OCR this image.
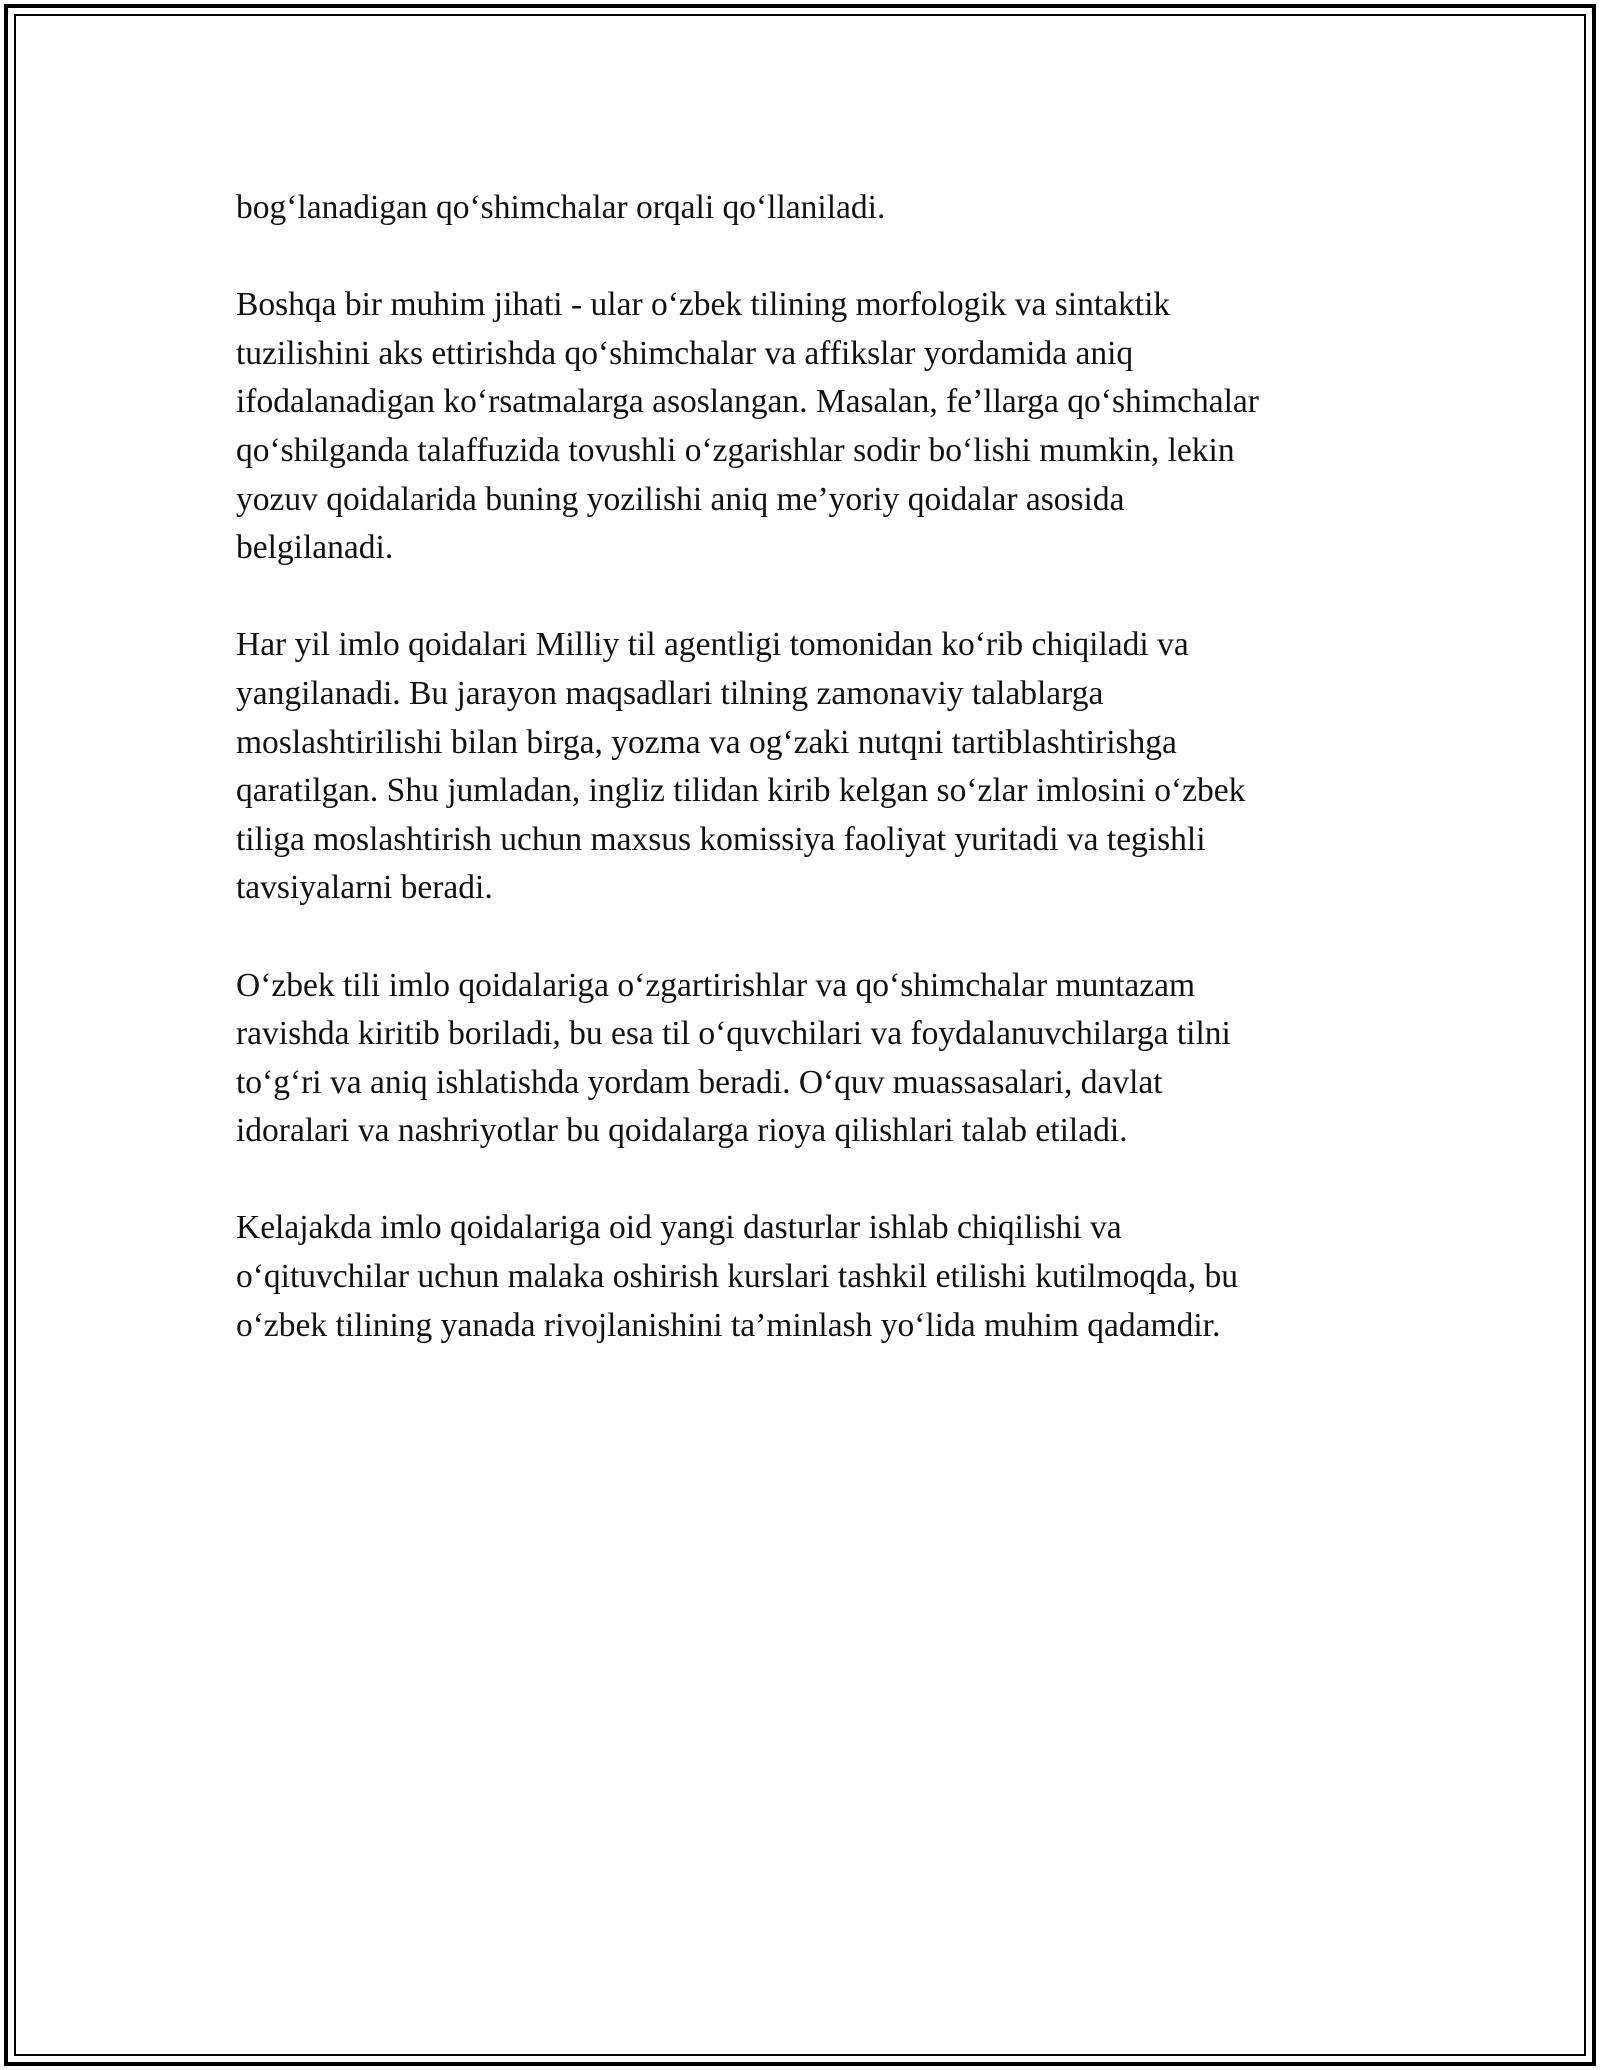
bog‘lanadigan qo‘shimchalar orqali qo‘llaniladi.

Boshqa bir muhim jihati - ular o‘zbek tilining morfologik va sintaktik
tuzilishini aks ettirishda qo‘shimchalar va affikslar yordamida aniq
ifodalanadigan ko‘rsatmalarga asoslangan. Masalan, fe’llarga qo‘shimchalar
qo‘shilganda talaffuzida tovushli o‘zgarishlar sodir bo‘lishi mumkin, lekin
yozuv qoidalarida buning yozilishi aniq me’yoriy qoidalar asosida
belgilanadi.

Har yil imlo qoidalari Milliy til agentligi tomonidan ko‘rib chiqiladi va
yangilanadi. Bu jarayon maqsadlari tilning zamonaviy talablarga
moslashtirilishi bilan birga, yozma va og‘zaki nutqni tartiblashtirishga
qaratilgan. Shu jumladan, ingliz tilidan kirib kelgan so‘zlar imlosini o‘zbek
tiliga moslashtirish uchun maxsus komissiya faoliyat yuritadi va tegishli
tavsiyalarni beradi.

O‘zbek tili imlo qoidalariga o‘zgartirishlar va qo‘shimchalar muntazam
ravishda kiritib boriladi, bu esa til o‘quvchilari va foydalanuvchilarga tilni
to‘g‘ri va aniq ishlatishda yordam beradi. O‘quv muassasalari, davlat
idoralari va nashriyotlar bu qoidalarga rioya qilishlari talab etiladi.

Kelajakda imlo qoidalariga oid yangi dasturlar ishlab chiqilishi va
o‘qituvchilar uchun malaka oshirish kurslari tashkil etilishi kutilmoqda, bu
o‘zbek tilining yanada rivojlanishini ta’minlash yo‘lida muhim qadamdir.
